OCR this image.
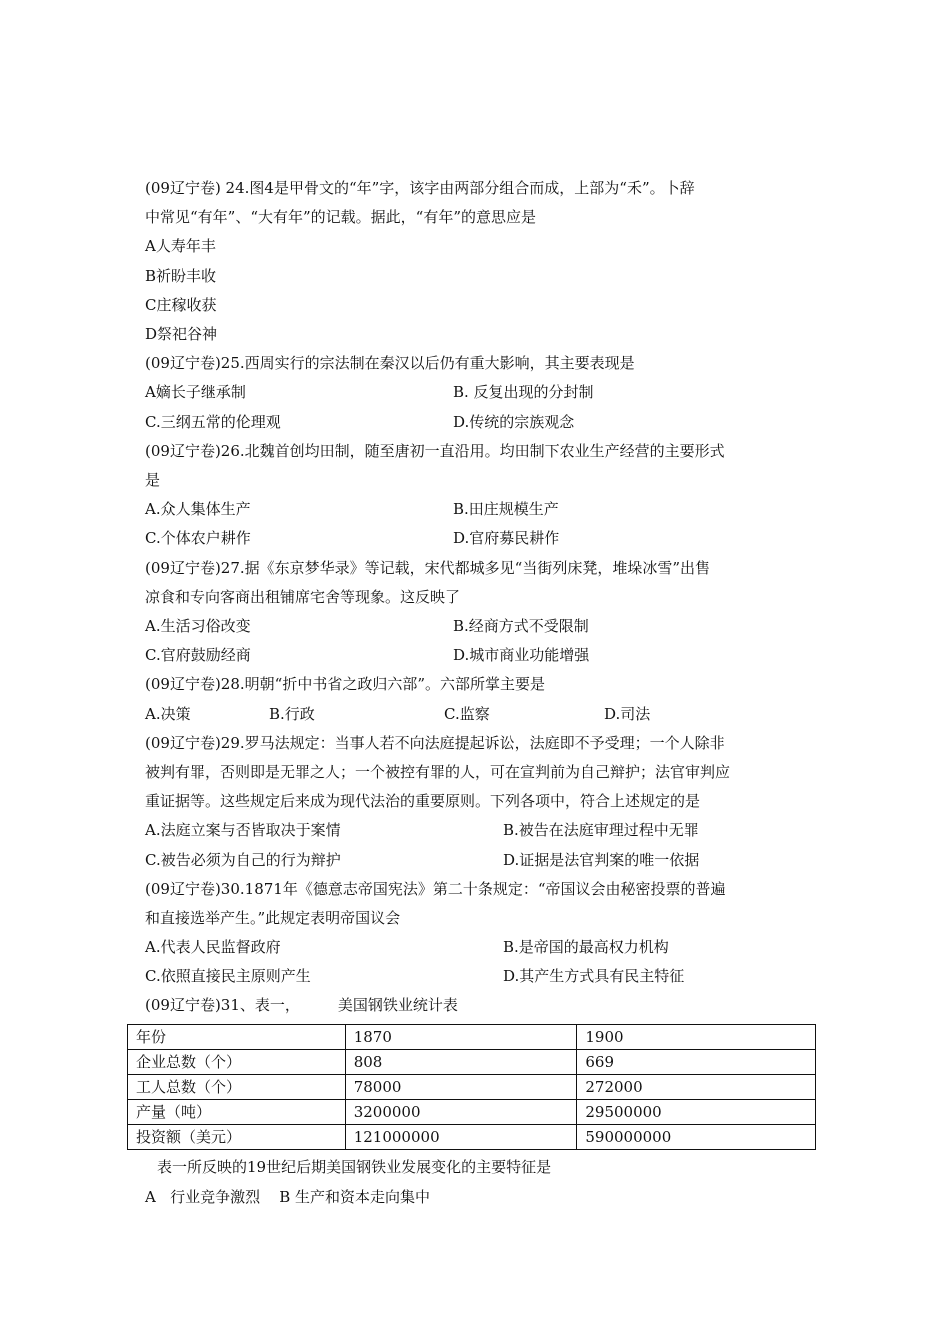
(09辽宁卷) 24.图4是甲骨文的“年”字，该字由两部分组合而成，上部为“禾”。卜辞
中常见“有年”、“大有年”的记载。据此，“有年”的意思应是
A人寿年丰
B祈盼丰收
C庄稼收获
D祭祀谷神
(09辽宁卷)25.西周实行的宗法制在秦汉以后仍有重大影响，其主要表现是
A嫡长子继承制	B. 反复出现的分封制
C.三纲五常的伦理观	D.传统的宗族观念
(09辽宁卷)26.北魏首创均田制，随至唐初一直沿用。均田制下农业生产经营的主要形式
是
A.众人集体生产	B.田庄规模生产
C.个体农户耕作	D.官府募民耕作
(09辽宁卷)27.据《东京梦华录》等记载，宋代都城多见“当街列床凳，堆垛冰雪”出售
凉食和专向客商出租铺席宅舍等现象。这反映了
A.生活习俗改变	B.经商方式不受限制
C.官府鼓励经商	D.城市商业功能增强
(09辽宁卷)28.明朝“折中书省之政归六部”。六部所掌主要是
A.决策	B.行政	C.监察	D.司法
(09辽宁卷)29.罗马法规定：当事人若不向法庭提起诉讼，法庭即不予受理；一个人除非
被判有罪，否则即是无罪之人；一个被控有罪的人，可在宣判前为自己辩护；法官审判应
重证据等。这些规定后来成为现代法治的重要原则。下列各项中，符合上述规定的是
A.法庭立案与否皆取决于案情	B.被告在法庭审理过程中无罪
C.被告必须为自己的行为辩护	D.证据是法官判案的唯一依据
(09辽宁卷)30.1871年《德意志帝国宪法》第二十条规定：“帝国议会由秘密投票的普遍
和直接选举产生。”此规定表明帝国议会
A.代表人民监督政府	B.是帝国的最高权力机构
C.依照直接民主原则产生	D.其产生方式具有民主特征
(09辽宁卷)31、表一，	美国钢铁业统计表
年份	1870	1900
企业总数（个）	808	669
工人总数（个）	78000	272000
产量（吨）	3200000	29500000
投资额（美元）	121000000	590000000
表一所反映的19世纪后期美国钢铁业发展变化的主要特征是
A   行业竞争激烈    B 生产和资本走向集中
